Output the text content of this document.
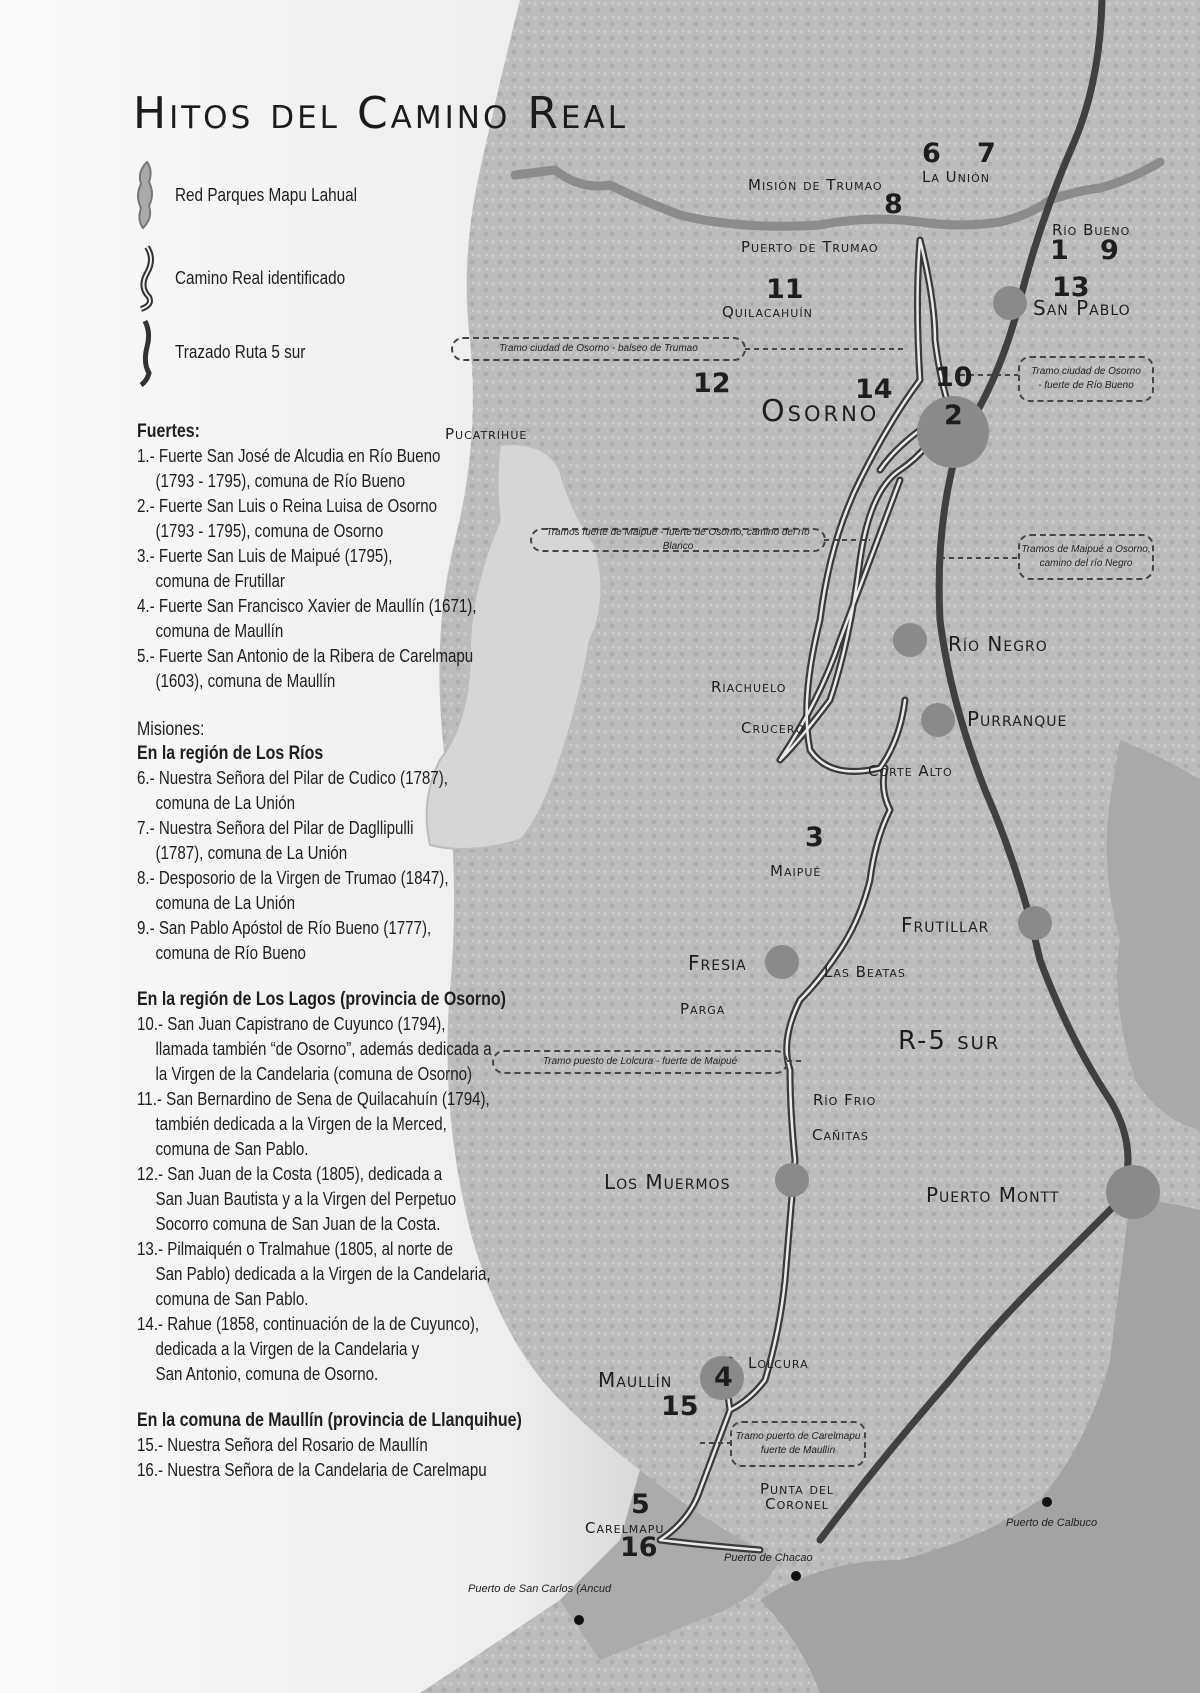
Hitos del Camino Real
Red Parques Mapu Lahual
Camino Real identificado
Trazado Ruta 5 sur
Fuertes:

1.- Fuerte San José de Alcudia en Río Bueno
(1793 - 1795), comuna de Río Bueno

2.- Fuerte San Luis o Reina Luisa de Osorno
(1793 - 1795), comuna de Osorno

3.- Fuerte San Luis de Maipué (1795),
comuna de Frutillar

4.- Fuerte San Francisco Xavier de Maullín (1671),
comuna de Maullín

5.- Fuerte San Antonio de la Ribera de Carelmapu
(1603), comuna de Maullín

Misiones:
En la región de Los Ríos

6.- Nuestra Señora del Pilar de Cudico (1787),
comuna de La Unión

7.- Nuestra Señora del Pilar de Dagllipulli
(1787), comuna de La Unión

8.- Desposorio de la Virgen de Trumao (1847),
comuna de La Unión

9.- San Pablo Apóstol de Río Bueno (1777),
comuna de Río Bueno

En la región de Los Lagos (provincia de Osorno)

10.- San Juan Capistrano de Cuyunco (1794),
llamada también “de Osorno”, además dedicada a
la Virgen de la Candelaria (comuna de Osorno)

11.- San Bernardino de Sena de Quilacahuín (1794),
también dedicada a la Virgen de la Merced,
comuna de San Pablo.

12.- San Juan de la Costa (1805), dedicada a
San Juan Bautista y a la Virgen del Perpetuo
Socorro comuna de San Juan de la Costa.

13.- Pilmaiquén o Tralmahue (1805, al norte de
San Pablo) dedicada a la Virgen de la Candelaria,
comuna de San Pablo.

14.- Rahue (1858, continuación de la de Cuyunco),
dedicada a la Virgen de la Candelaria y
San Antonio, comuna de Osorno.

En la comuna de Maullín (provincia de Llanquihue)

15.- Nuestra Señora del Rosario de Maullín

16.- Nuestra Señora de la Candelaria de Carelmapu

Misión de Trumao
Puerto de Trumao
La Unión
Río Bueno
San Pablo
Quilacahuín
Osorno
Pucatrihue
Río Negro
Purranque
Riachuelo
Crucero
Corte Alto
Maipué
Frutillar
Fresia	Las Beatas
Parga
R-5 sur
Río Frio
Cañitas
Los Muermos
Puerto Montt
Lolcura
Maullín
Punta del
Coronel
Carelmapu
6 7
8
1 9
13
11
12	14 10
2
3
4
15
5
16
Puerto de Calbuco
Puerto de Chacao
Puerto de San Carlos (Ancud
Tramo ciudad de Osorno - balseo de Trumao
Tramo ciudad de Osorno
- fuerte de Río Bueno
Tramos fuerte de Maipué - fuerte de Osorno, camino del río Blanco	Tramos de Maipué a Osorno,
camino del río Negro
Tramo puesto de Lolcura - fuerte de Maipué
Tramo puerto de Carelmapu
fuerte de Maullín
